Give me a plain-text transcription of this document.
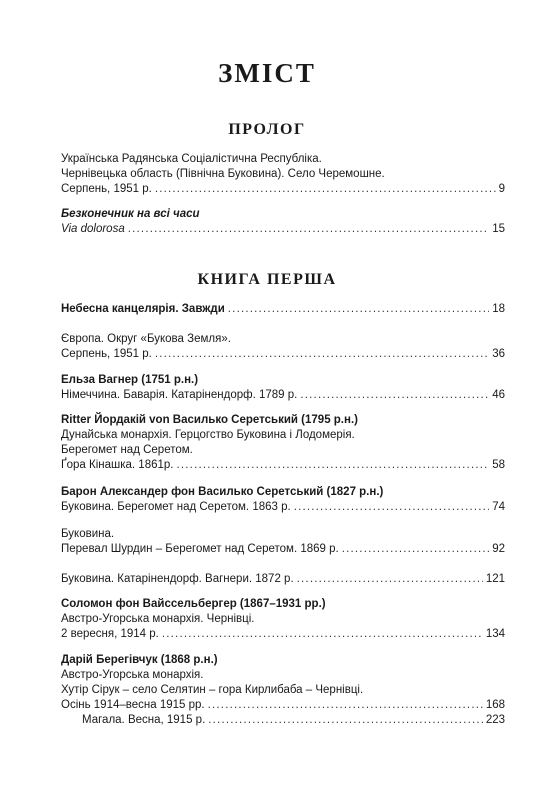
ЗМІСТ
ПРОЛОГ
Українська Радянська Соціалістична Республіка.
Чернівецька область (Північна Буковина). Село Черемошне.
Серпень, 1951 р. .....	9
Безконечник на всі часи
Via dolorosa .....	15
КНИГА ПЕРША
Небесна канцелярія. Завжди .....	18
Європа. Округ «Букова Земля».
Серпень, 1951 р. .....	36
Ельза Вагнер (1751 р.н.)
Німеччина. Баварія. Катарінендорф. 1789 р. .....	46
Ritter Йордакій von Василько Серетський (1795 р.н.)
Дунайська монархія. Герцогство Буковина і Лодомерія.
Берегомет над Серетом.
Ґора Кінашка. 1861р. .....	58
Барон Александер фон Василько Серетський (1827 р.н.)
Буковина. Берегомет над Серетом. 1863 р. .....	74
Буковина.
Перевал Шурдин – Берегомет над Серетом. 1869 р. .....	92
Буковина. Катарінендорф. Вагнери. 1872 р. .....	121
Соломон фон Вайссельбергер (1867–1931 рр.)
Австро-Угорська монархія. Чернівці.
2 вересня, 1914 р. .....	134
Дарій Берегівчук (1868 р.н.)
Австро-Угорська монархія.
Хутір Сірук – село Селятин – гора Кирлибаба – Чернівці.
Осінь 1914–весна 1915 рр. .....	168
Магала. Весна, 1915 р. .....	223
